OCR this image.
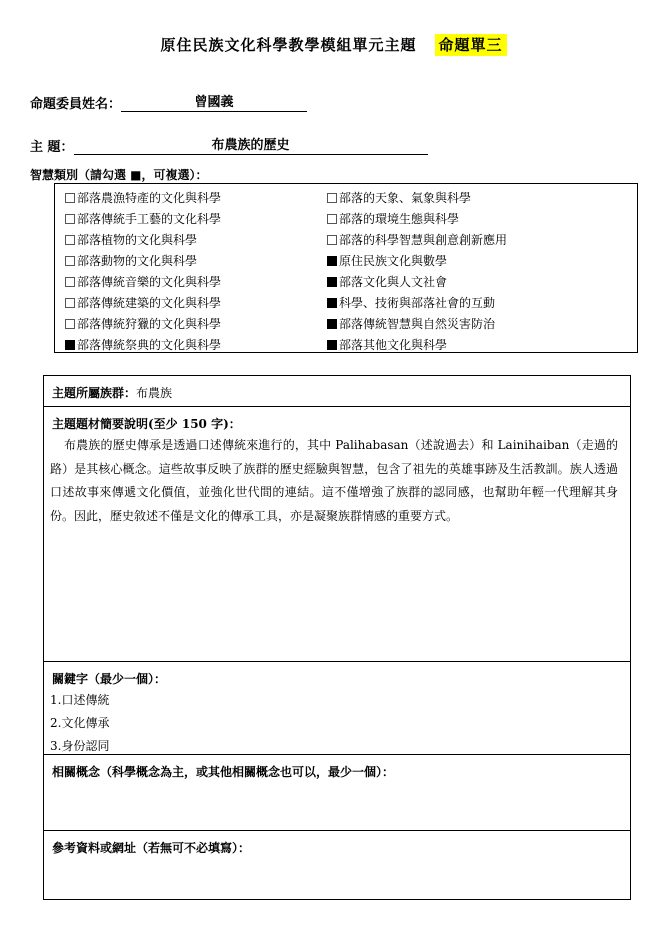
原住民族文化科學教學模組單元主題 命題單三
命題委員姓名：	曾國義
主 題：	布農族的歷史
智慧類別（請勾選 ■，可複選）：
部落農漁特產的文化與科學
部落傳統手工藝的文化科學
部落植物的文化與科學
部落動物的文化與科學
部落傳統音樂的文化與科學
部落傳統建築的文化與科學
部落傳統狩獵的文化與科學
部落傳統祭典的文化與科學
部落的天象、氣象與科學
部落的環境生態與科學
部落的科學智慧與創意創新應用
原住民族文化與數學
部落文化與人文社會
科學、技術與部落社會的互動
部落傳統智慧與自然災害防治
部落其他文化與科學
主題所屬族群：布農族
主題題材簡要說明(至少 150 字)：
布農族的歷史傳承是透過口述傳統來進行的，其中 Palihabasan（述說過去）和 Lainihaiban（走過的路）是其核心概念。這些故事反映了族群的歷史經驗與智慧，包含了祖先的英雄事跡及生活教訓。族人透過口述故事來傳遞文化價值，並強化世代間的連結。這不僅增強了族群的認同感，也幫助年輕一代理解其身份。因此，歷史敘述不僅是文化的傳承工具，亦是凝聚族群情感的重要方式。
關鍵字（最少一個）：
1.口述傳統
2.文化傳承
3.身份認同
相關概念（科學概念為主，或其他相關概念也可以，最少一個）：
參考資料或網址（若無可不必填寫）：
